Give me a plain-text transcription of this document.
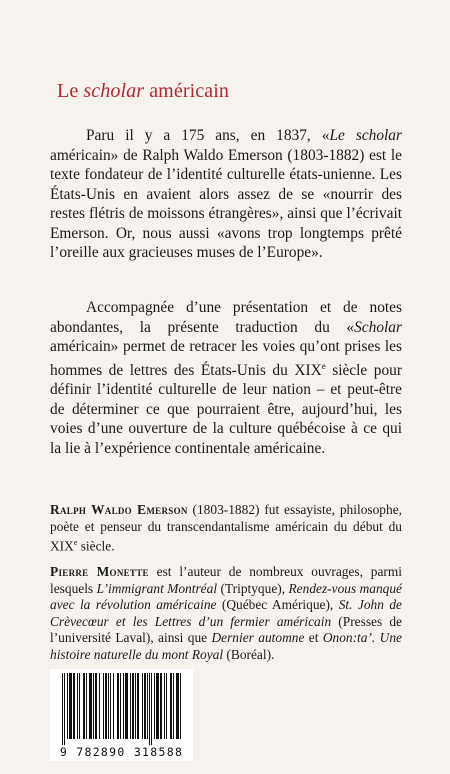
Le scholar américain

Paru il y a 175 ans, en 1837, «Le scholar américain» de Ralph Waldo Emerson (1803-1882) est le texte fondateur de l’identité culturelle états-unienne. Les États-Unis en avaient alors assez de se «nourrir des restes flétris de moissons étrangères», ainsi que l’écrivait Emerson. Or, nous aussi «avons trop longtemps prêté l’oreille aux gracieuses muses de l’Europe».

Accompagnée d’une présentation et de notes abondantes, la présente traduction du «Scholar américain» permet de retracer les voies qu’ont prises les hommes de lettres des États-Unis du XIXe siècle pour définir l’identité culturelle de leur nation – et peut-être de déterminer ce que pourraient être, aujourd’hui, les voies d’une ouverture de la culture québécoise à ce qui la lie à l’expérience continentale américaine.

Ralph Waldo Emerson (1803-1882) fut essayiste, philosophe, poète et penseur du transcendantalisme américain du début du XIXe siècle.

Pierre Monette est l’auteur de nombreux ouvrages, parmi lesquels L’immigrant Montréal (Triptyque), Rendez-vous manqué avec la révolution américaine (Québec Amérique), St. John de Crèvecœur et les Lettres d’un fermier américain (Presses de l’université Laval), ainsi que Dernier automne et Onon:ta’. Une histoire naturelle du mont Royal (Boréal).

9 782890 318588
